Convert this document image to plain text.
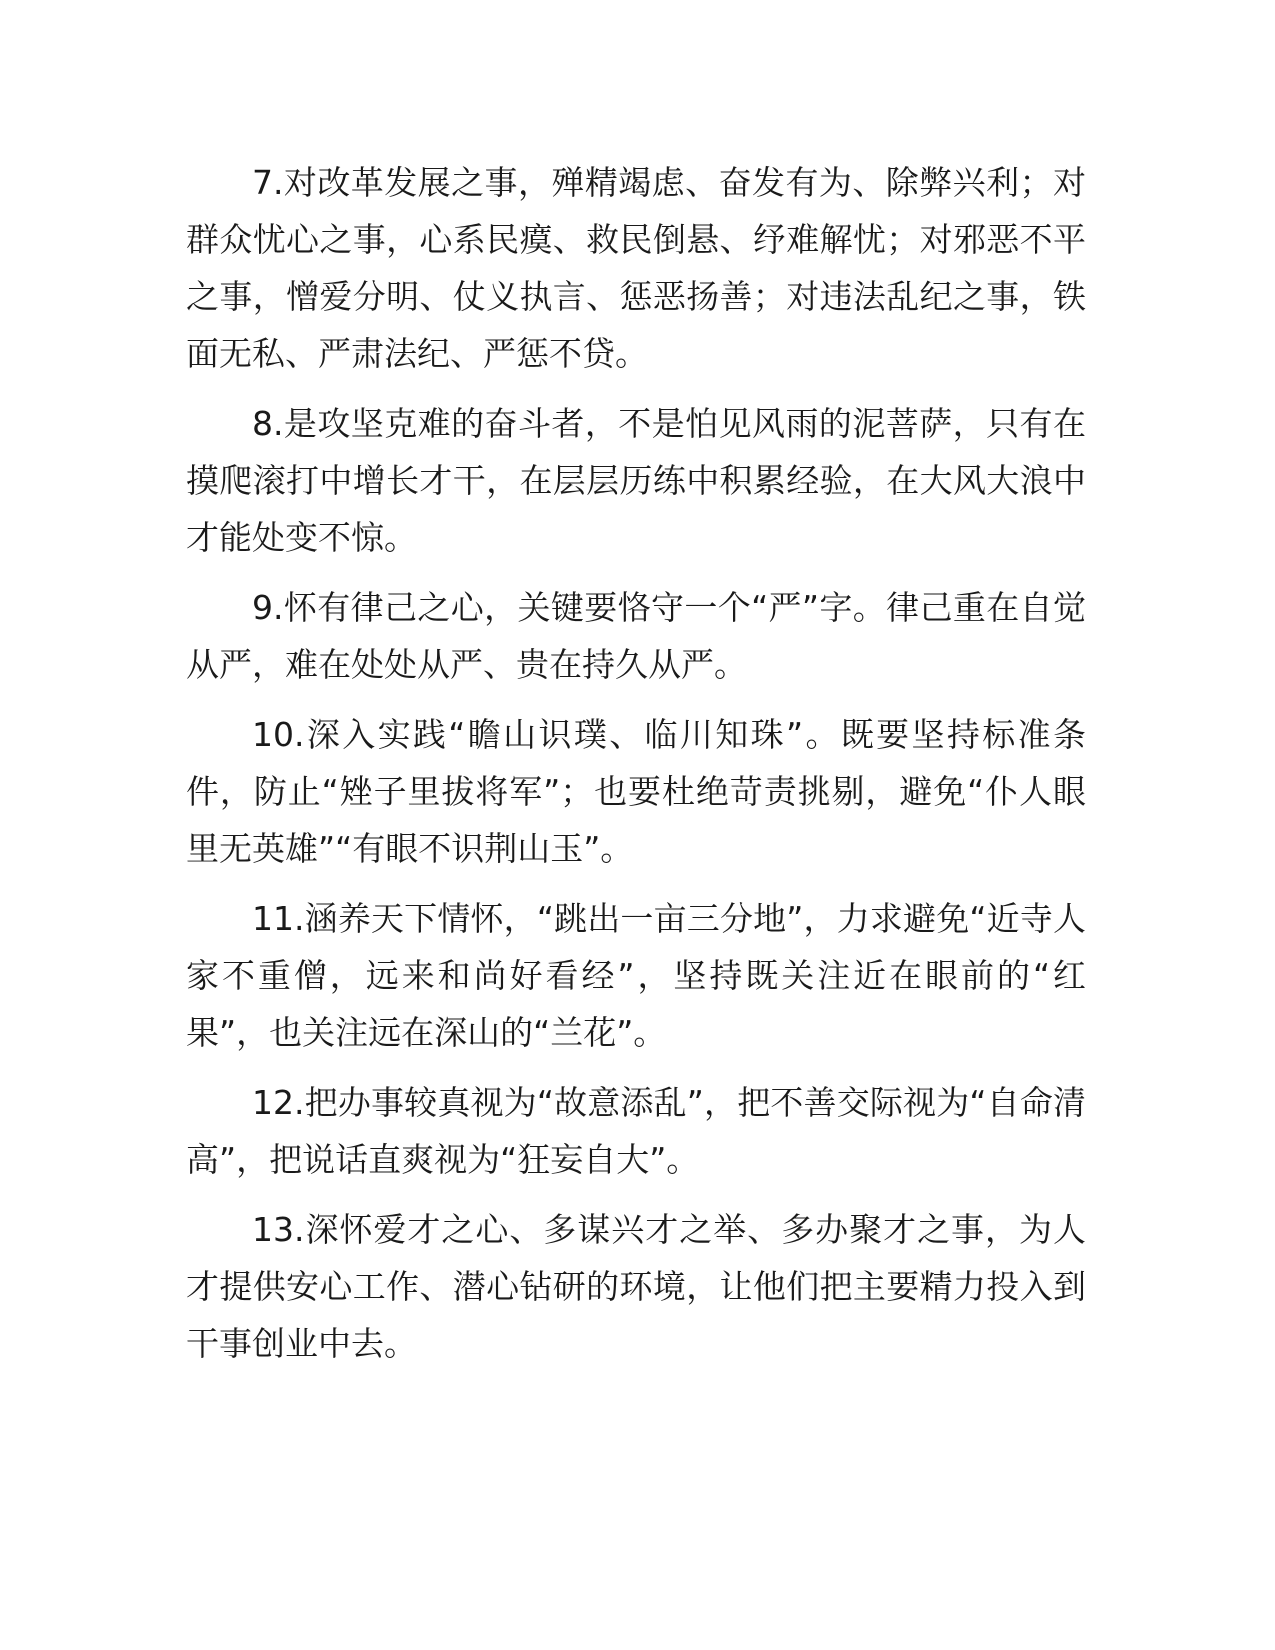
7.对改革发展之事，殚精竭虑、奋发有为、除弊兴利；对群众忧心之事，心系民瘼、救民倒悬、纾难解忧；对邪恶不平之事，憎爱分明、仗义执言、惩恶扬善；对违法乱纪之事，铁面无私、严肃法纪、严惩不贷。

8.是攻坚克难的奋斗者，不是怕见风雨的泥菩萨，只有在摸爬滚打中增长才干，在层层历练中积累经验，在大风大浪中才能处变不惊。

9.怀有律己之心，关键要恪守一个“严”字。律己重在自觉从严，难在处处从严、贵在持久从严。

10.深入实践“瞻山识璞、临川知珠”。既要坚持标准条件，防止“矬子里拔将军”；也要杜绝苛责挑剔，避免“仆人眼里无英雄”“有眼不识荆山玉”。

11.涵养天下情怀，“跳出一亩三分地”，力求避免“近寺人家不重僧，远来和尚好看经”，坚持既关注近在眼前的“红果”，也关注远在深山的“兰花”。

12.把办事较真视为“故意添乱”，把不善交际视为“自命清高”，把说话直爽视为“狂妄自大”。

13.深怀爱才之心、多谋兴才之举、多办聚才之事，为人才提供安心工作、潜心钻研的环境，让他们把主要精力投入到干事创业中去。
